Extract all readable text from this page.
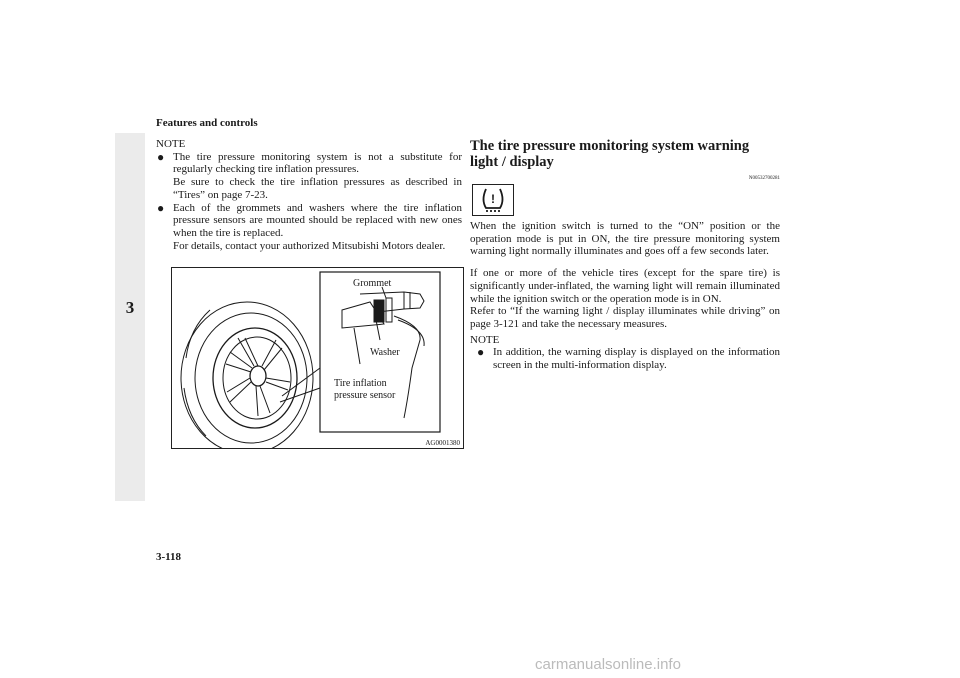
Features and controls
3
NOTE
● The tire pressure monitoring system is not a substitute for regularly checking tire inflation pressures.

Be sure to check the tire inflation pressures as described in “Tires” on page 7-23.

● Each of the grommets and washers where the tire inflation pressure sensors are mounted should be replaced with new ones when the tire is replaced.

For details, contact your authorized Mitsubishi Motors dealer.

Grommet
Washer
Tire inflation
pressure sensor
AG0001380
The tire pressure monitoring system warning
light / display
N00532700281
!

When the ignition switch is turned to the “ON” position or the operation mode is put in ON, the tire pressure monitoring system warning light normally illuminates and goes off a few seconds later.

If one or more of the vehicle tires (except for the spare tire) is significantly under-inflated, the warning light will remain illuminated while the ignition switch or the operation mode is in ON.

Refer to “If the warning light / display illuminates while driving” on page 3-121 and take the necessary measures.

NOTE
● In addition, the warning display is displayed on the information screen in the multi-information display.

3-118
carmanualsonline.info
